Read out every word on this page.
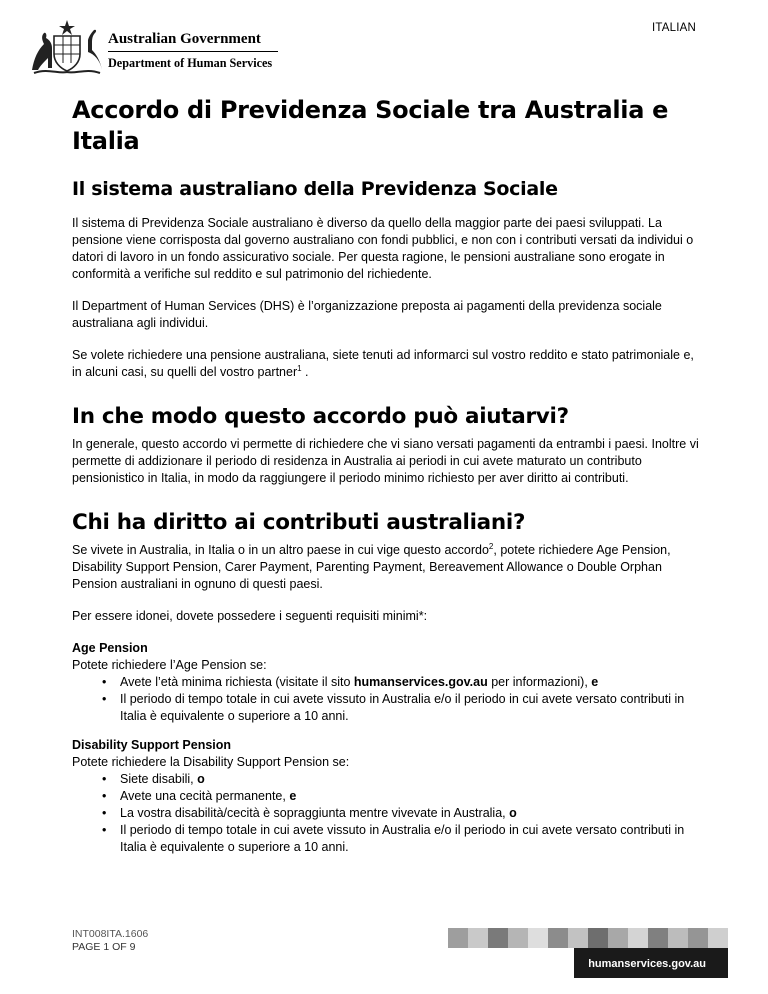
ITALIAN
Australian Government
Department of Human Services
Accordo di Previdenza Sociale tra Australia e Italia
Il sistema australiano della Previdenza Sociale

Il sistema di Previdenza Sociale australiano è diverso da quello della maggior parte dei paesi sviluppati. La pensione viene corrisposta dal governo australiano con fondi pubblici, e non con i contributi versati da individui o datori di lavoro in un fondo assicurativo sociale. Per questa ragione, le pensioni australiane sono erogate in conformità a verifiche sul reddito e sul patrimonio del richiedente.

Il Department of Human Services (DHS) è l’organizzazione preposta ai pagamenti della previdenza sociale australiana agli individui.

Se volete richiedere una pensione australiana, siete tenuti ad informarci sul vostro reddito e stato patrimoniale e, in alcuni casi, su quelli del vostro partner$^1$ .

In che modo questo accordo può aiutarvi?

In generale, questo accordo vi permette di richiedere che vi siano versati pagamenti da entrambi i paesi. Inoltre vi permette di addizionare il periodo di residenza in Australia ai periodi in cui avete maturato un contributo pensionistico in Italia, in modo da raggiungere il periodo minimo richiesto per aver diritto ai contributi.

Chi ha diritto ai contributi australiani?

Se vivete in Australia, in Italia o in un altro paese in cui vige questo accordo$^2$, potete richiedere Age Pension, Disability Support Pension, Carer Payment, Parenting Payment, Bereavement Allowance o Double Orphan Pension australiani in ognuno di questi paesi.

Per essere idonei, dovete possedere i seguenti requisiti minimi*:

Age Pension
Potete richiedere l’Age Pension se:
• Avete l’età minima richiesta (visitate il sito humanservices.gov.au per informazioni), e
• Il periodo di tempo totale in cui avete vissuto in Australia e/o il periodo in cui avete versato contributi in Italia è equivalente o superiore a 10 anni.
Disability Support Pension
Potete richiedere la Disability Support Pension se:
• Siete disabili, o
• Avete una cecità permanente, e
• La vostra disabilità/cecità è sopraggiunta mentre vivevate in Australia, o
• Il periodo di tempo totale in cui avete vissuto in Australia e/o il periodo in cui avete versato contributi in Italia è equivalente o superiore a 10 anni.
INT008ITA.1606
PAGE 1 OF 9
humanservices.gov.au
